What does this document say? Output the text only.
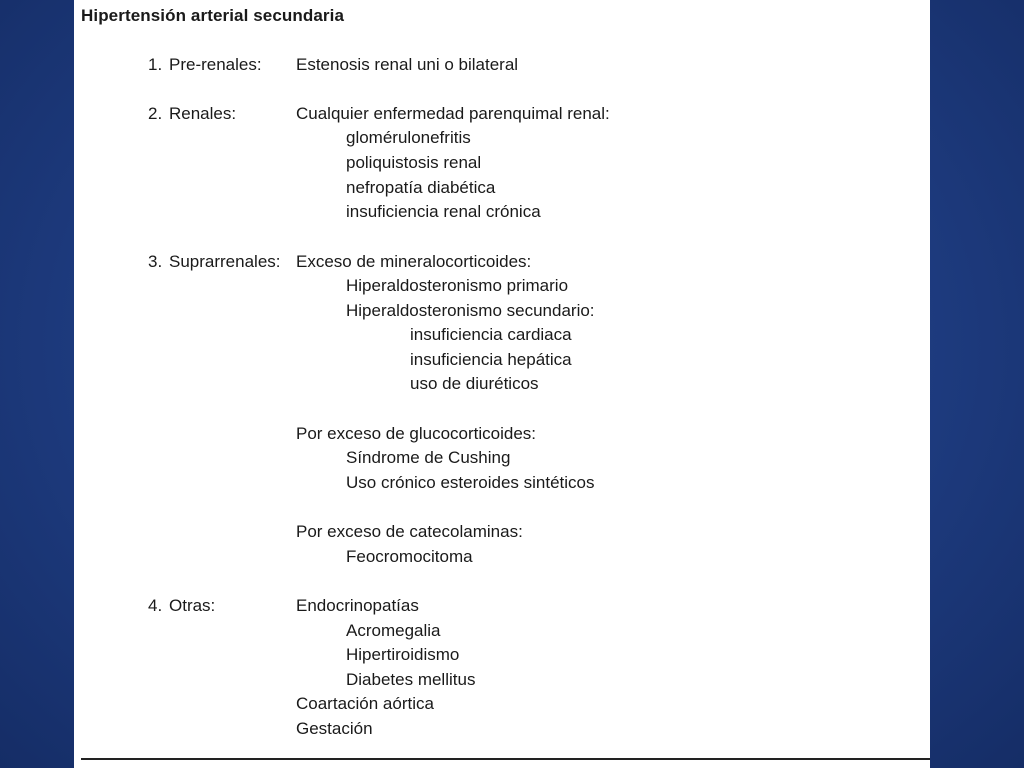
Hipertensión arterial secundaria
1. Pre-renales: Estenosis renal uni o bilateral
2. Renales:	Cualquier enfermedad parenquimal renal:
glomérulonefritis
poliquistosis renal
nefropatía diabética
insuficiencia renal crónica
3. Suprarrenales: Exceso de mineralocorticoides:
Hiperaldosteronismo primario
Hiperaldosteronismo secundario:
insuficiencia cardiaca
insuficiencia hepática
uso de diuréticos
Por exceso de glucocorticoides:
Síndrome de Cushing
Uso crónico esteroides sintéticos
Por exceso de catecolaminas:
Feocromocitoma
4. Otras:	Endocrinopatías
Acromegalia
Hipertiroidismo
Diabetes mellitus
Coartación aórtica
Gestación
